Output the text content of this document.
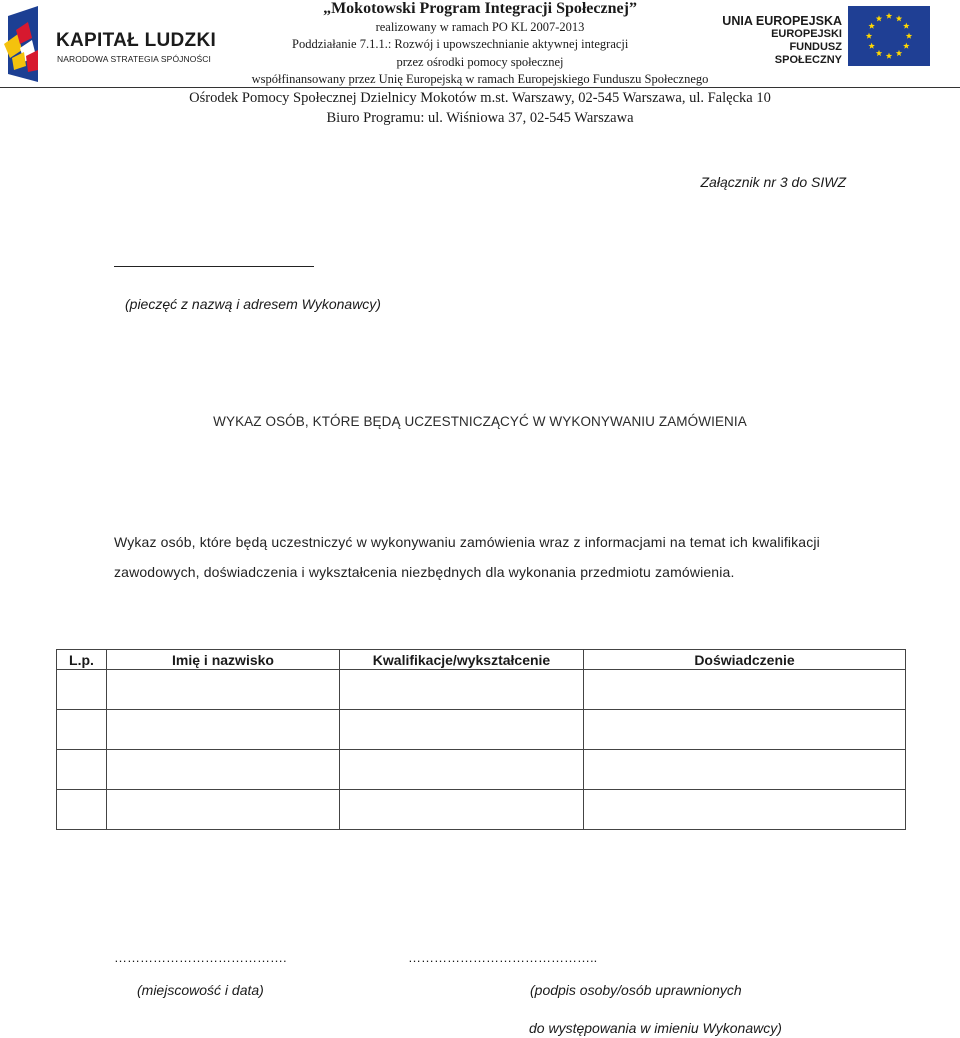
KAPITAŁ LUDZKI
NARODOWA STRATEGIA SPÓJNOŚCI
„Mokotowski Program Integracji Społecznej”
realizowany w ramach PO KL 2007-2013
Poddziałanie 7.1.1.: Rozwój i upowszechnianie aktywnej integracji
przez ośrodki pomocy społecznej
współfinansowany przez Unię Europejską w ramach Europejskiego Funduszu Społecznego
Ośrodek Pomocy Społecznej Dzielnicy Mokotów m.st. Warszawy, 02-545 Warszawa, ul. Falęcka 10
Biuro Programu: ul. Wiśniowa 37, 02-545 Warszawa
UNIA EUROPEJSKA
EUROPEJSKI
FUNDUSZ SPOŁECZNY
Załącznik nr 3 do SIWZ
(pieczęć z nazwą i adresem Wykonawcy)
WYKAZ OSÓB, KTÓRE BĘDĄ UCZESTNICZĄCYĆ W WYKONYWANIU ZAMÓWIENIA
Wykaz osób, które będą uczestniczyć w wykonywaniu zamówienia wraz z informacjami na temat ich kwalifikacji
zawodowych, doświadczenia i wykształcenia niezbędnych dla wykonania przedmiotu zamówienia.
L.p.	Imię i nazwisko	Kwalifikacje/wykształcenie	Doświadczenie

………………………………….	……………………………………..
(miejscowość i data)	(podpis osoby/osób uprawnionych
do występowania w imieniu Wykonawcy)
